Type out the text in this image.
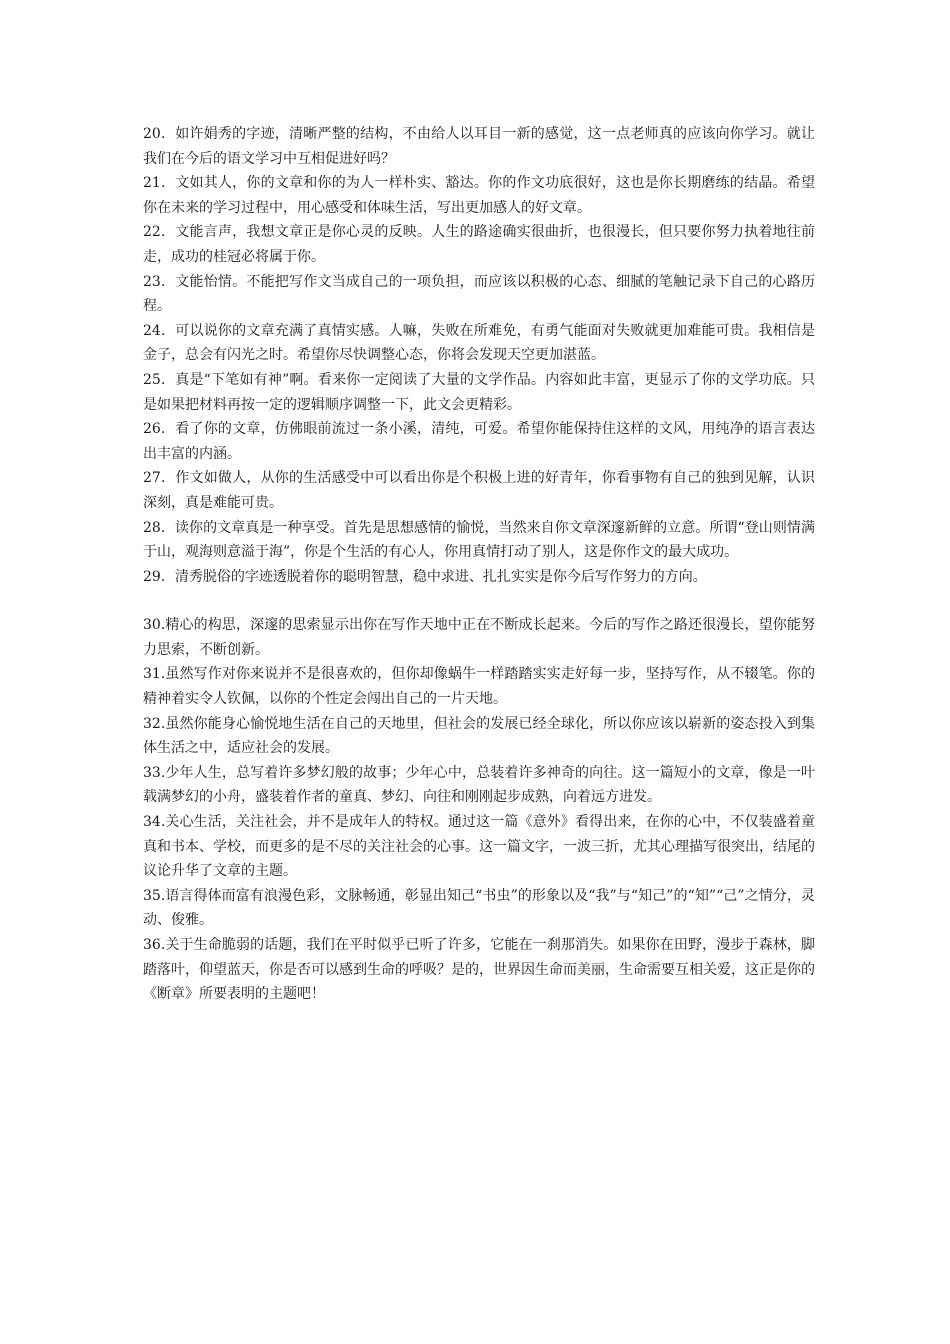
20．如许娟秀的字迹，清晰严整的结构，不由给人以耳目一新的感觉，这一点老师真的应该向你学习。就让我们在今后的语文学习中互相促进好吗？

21．文如其人，你的文章和你的为人一样朴实、豁达。你的作文功底很好，这也是你长期磨练的结晶。希望你在未来的学习过程中，用心感受和体味生活，写出更加感人的好文章。

22．文能言声，我想文章正是你心灵的反映。人生的路途确实很曲折，也很漫长，但只要你努力执着地往前走，成功的桂冠必将属于你。

23．文能怡情。不能把写作文当成自己的一项负担，而应该以积极的心态、细腻的笔触记录下自己的心路历程。

24．可以说你的文章充满了真情实感。人嘛，失败在所难免，有勇气能面对失败就更加难能可贵。我相信是金子，总会有闪光之时。希望你尽快调整心态，你将会发现天空更加湛蓝。

25．真是“下笔如有神”啊。看来你一定阅读了大量的文学作品。内容如此丰富，更显示了你的文学功底。只是如果把材料再按一定的逻辑顺序调整一下，此文会更精彩。

26．看了你的文章，仿佛眼前流过一条小溪，清纯，可爱。希望你能保持住这样的文风，用纯净的语言表达出丰富的内涵。

27．作文如做人，从你的生活感受中可以看出你是个积极上进的好青年，你看事物有自己的独到见解，认识深刻，真是难能可贵。

28．读你的文章真是一种享受。首先是思想感情的愉悦，当然来自你文章深邃新鲜的立意。所谓“登山则情满于山，观海则意溢于海”，你是个生活的有心人，你用真情打动了别人，这是你作文的最大成功。

29．清秀脱俗的字迹透脱着你的聪明智慧，稳中求进、扎扎实实是你今后写作努力的方向。

30.精心的构思，深邃的思索显示出你在写作天地中正在不断成长起来。今后的写作之路还很漫长，望你能努力思索，不断创新。

31.虽然写作对你来说并不是很喜欢的，但你却像蜗牛一样踏踏实实走好每一步，坚持写作，从不辍笔。你的精神着实令人钦佩，以你的个性定会闯出自己的一片天地。

32.虽然你能身心愉悦地生活在自己的天地里，但社会的发展已经全球化，所以你应该以崭新的姿态投入到集体生活之中，适应社会的发展。

33.少年人生，总写着许多梦幻般的故事；少年心中，总装着许多神奇的向往。这一篇短小的文章，像是一叶载满梦幻的小舟，盛装着作者的童真、梦幻、向往和刚刚起步成熟，向着远方进发。

34.关心生活，关注社会，并不是成年人的特权。通过这一篇《意外》看得出来，在你的心中，不仅装盛着童真和书本、学校，而更多的是不尽的关注社会的心事。这一篇文字，一波三折，尤其心理描写很突出，结尾的议论升华了文章的主题。

35.语言得体而富有浪漫色彩，文脉畅通，彰显出知己“书虫”的形象以及“我”与“知己”的“知”“己”之情分，灵动、俊雅。

36.关于生命脆弱的话题，我们在平时似乎已听了许多，它能在一刹那消失。如果你在田野，漫步于森林，脚踏落叶，仰望蓝天，你是否可以感到生命的呼吸？是的，世界因生命而美丽，生命需要互相关爱，这正是你的《断章》所要表明的主题吧！
